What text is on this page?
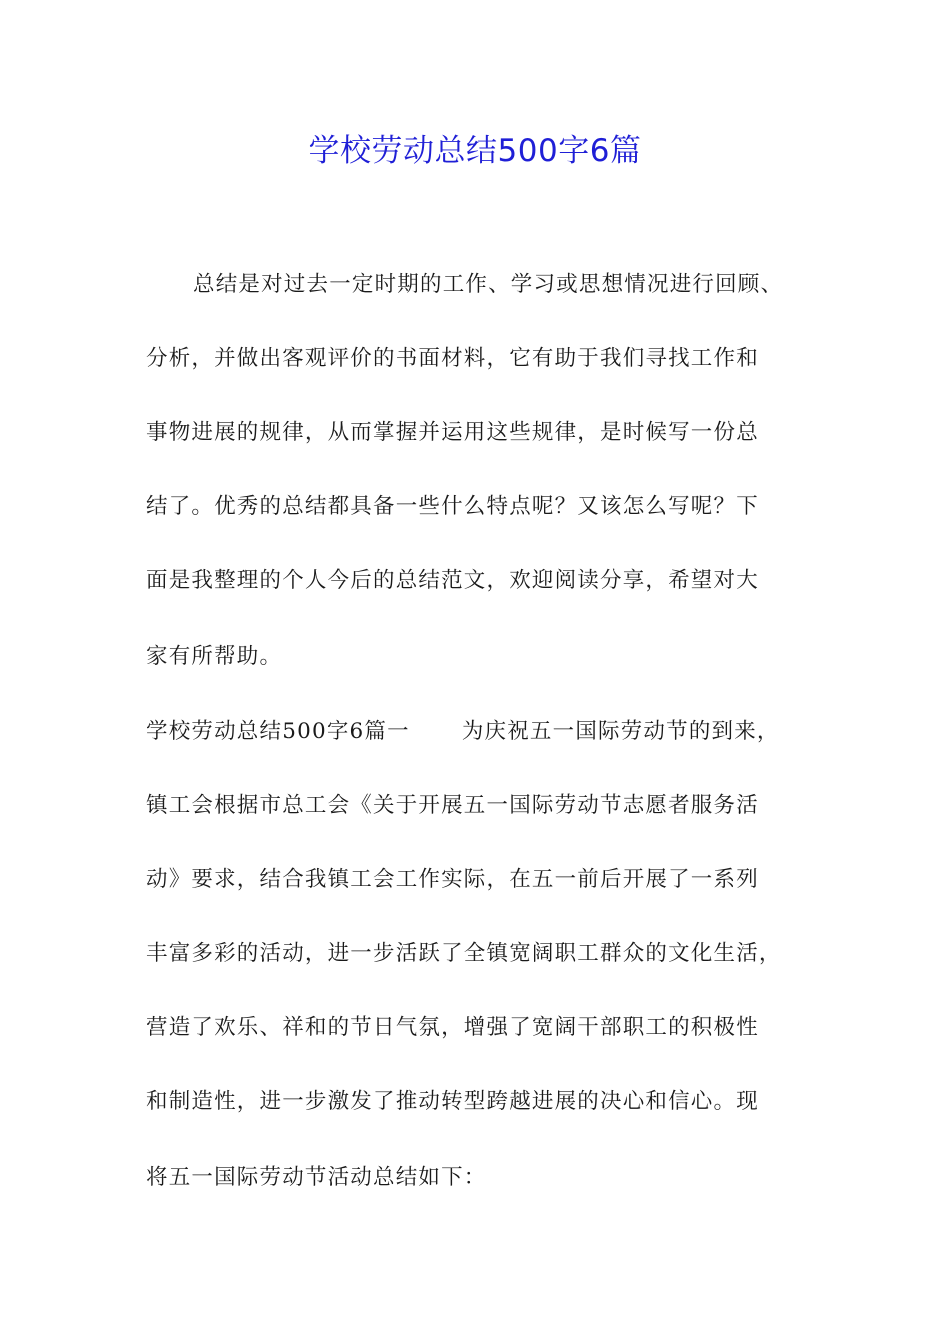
学校劳动总结500字6篇
总结是对过去一定时期的工作、学习或思想情况进行回顾、
分析，并做出客观评价的书面材料，它有助于我们寻找工作和
事物进展的规律，从而掌握并运用这些规律，是时候写一份总
结了。优秀的总结都具备一些什么特点呢？又该怎么写呢？下
面是我整理的个人今后的总结范文，欢迎阅读分享，希望对大
家有所帮助。
学校劳动总结500字6篇一 为庆祝五一国际劳动节的到来，
镇工会根据市总工会《关于开展五一国际劳动节志愿者服务活
动》要求，结合我镇工会工作实际，在五一前后开展了一系列
丰富多彩的活动，进一步活跃了全镇宽阔职工群众的文化生活，
营造了欢乐、祥和的节日气氛，增强了宽阔干部职工的积极性
和制造性，进一步激发了推动转型跨越进展的决心和信心。现
将五一国际劳动节活动总结如下：
